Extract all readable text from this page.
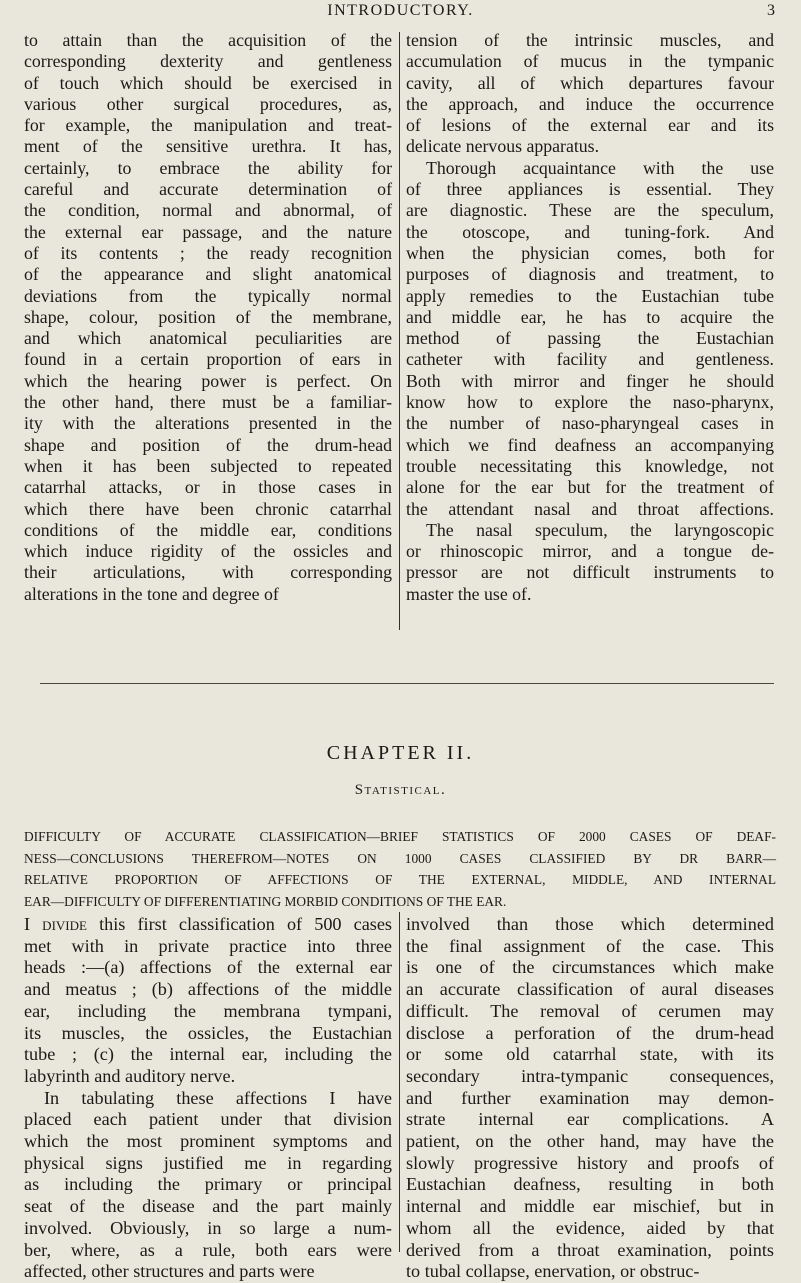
INTRODUCTORY.	3
to attain than the acquisition of the
corresponding dexterity and gentleness
of touch which should be exercised in
various other surgical procedures, as,
for example, the manipulation and treat-
ment of the sensitive urethra. It has,
certainly, to embrace the ability for
careful and accurate determination of
the condition, normal and abnormal, of
the external ear passage, and the nature
of its contents ; the ready recognition
of the appearance and slight anatomical
deviations from the typically normal
shape, colour, position of the membrane,
and which anatomical peculiarities are
found in a certain proportion of ears in
which the hearing power is perfect. On
the other hand, there must be a familiar-
ity with the alterations presented in the
shape and position of the drum-head
when it has been subjected to repeated
catarrhal attacks, or in those cases in
which there have been chronic catarrhal
conditions of the middle ear, conditions
which induce rigidity of the ossicles and
their articulations, with corresponding
alterations in the tone and degree of
tension of the intrinsic muscles, and
accumulation of mucus in the tympanic
cavity, all of which departures favour
the approach, and induce the occurrence
of lesions of the external ear and its
delicate nervous apparatus.
Thorough acquaintance with the use
of three appliances is essential. They
are diagnostic. These are the speculum,
the otoscope, and tuning-fork. And
when the physician comes, both for
purposes of diagnosis and treatment, to
apply remedies to the Eustachian tube
and middle ear, he has to acquire the
method of passing the Eustachian
catheter with facility and gentleness.
Both with mirror and finger he should
know how to explore the naso-pharynx,
the number of naso-pharyngeal cases in
which we find deafness an accompanying
trouble necessitating this knowledge, not
alone for the ear but for the treatment of
the attendant nasal and throat affections.
The nasal speculum, the laryngoscopic
or rhinoscopic mirror, and a tongue de-
pressor are not difficult instruments to
master the use of.
CHAPTER II.
Statistical.
DIFFICULTY OF ACCURATE CLASSIFICATION—BRIEF STATISTICS OF 2000 CASES OF DEAF-
NESS—CONCLUSIONS THEREFROM—NOTES ON 1000 CASES CLASSIFIED BY DR BARR—
RELATIVE PROPORTION OF AFFECTIONS OF THE EXTERNAL, MIDDLE, AND INTERNAL
EAR—DIFFICULTY OF DIFFERENTIATING MORBID CONDITIONS OF THE EAR.
I divide this first classification of 500 cases
met with in private practice into three
heads :—(a) affections of the external ear
and meatus ; (b) affections of the middle
ear, including the membrana tympani,
its muscles, the ossicles, the Eustachian
tube ; (c) the internal ear, including the
labyrinth and auditory nerve.
In tabulating these affections I have
placed each patient under that division
which the most prominent symptoms and
physical signs justified me in regarding
as including the primary or principal
seat of the disease and the part mainly
involved. Obviously, in so large a num-
ber, where, as a rule, both ears were
affected, other structures and parts were
involved than those which determined
the final assignment of the case. This
is one of the circumstances which make
an accurate classification of aural diseases
difficult. The removal of cerumen may
disclose a perforation of the drum-head
or some old catarrhal state, with its
secondary intra-tympanic consequences,
and further examination may demon-
strate internal ear complications. A
patient, on the other hand, may have the
slowly progressive history and proofs of
Eustachian deafness, resulting in both
internal and middle ear mischief, but in
whom all the evidence, aided by that
derived from a throat examination, points
to tubal collapse, enervation, or obstruc-
